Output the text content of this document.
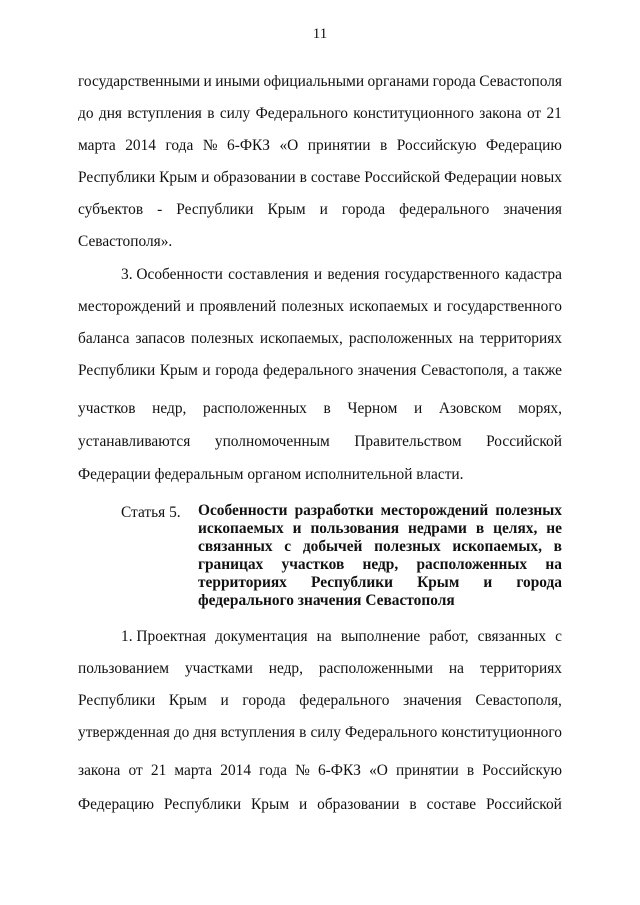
11
государственными и иными официальными органами города Севастополя
до дня вступления в силу Федерального конституционного закона от 21
марта 2014 года № 6-ФКЗ «О принятии в Российскую Федерацию
Республики Крым и образовании в составе Российской Федерации новых
субъектов - Республики Крым и города федерального значения
Севастополя».
3. Особенности составления и ведения государственного кадастра
месторождений и проявлений полезных ископаемых и государственного
баланса запасов полезных ископаемых, расположенных на территориях
Республики Крым и города федерального значения Севастополя, а также
участков недр, расположенных в Черном и Азовском морях,
устанавливаются уполномоченным Правительством Российской
Федерации федеральным органом исполнительной власти.
Статья 5. Особенности разработки месторождений полезных
ископаемых и пользования недрами в целях, не
связанных с добычей полезных ископаемых, в
границах участков недр, расположенных на
территориях Республики Крым и города
федерального значения Севастополя
1. Проектная документация на выполнение работ, связанных с
пользованием участками недр, расположенными на территориях
Республики Крым и города федерального значения Севастополя,
утвержденная до дня вступления в силу Федерального конституционного
закона от 21 марта 2014 года № 6-ФКЗ «О принятии в Российскую
Федерацию Республики Крым и образовании в составе Российской
